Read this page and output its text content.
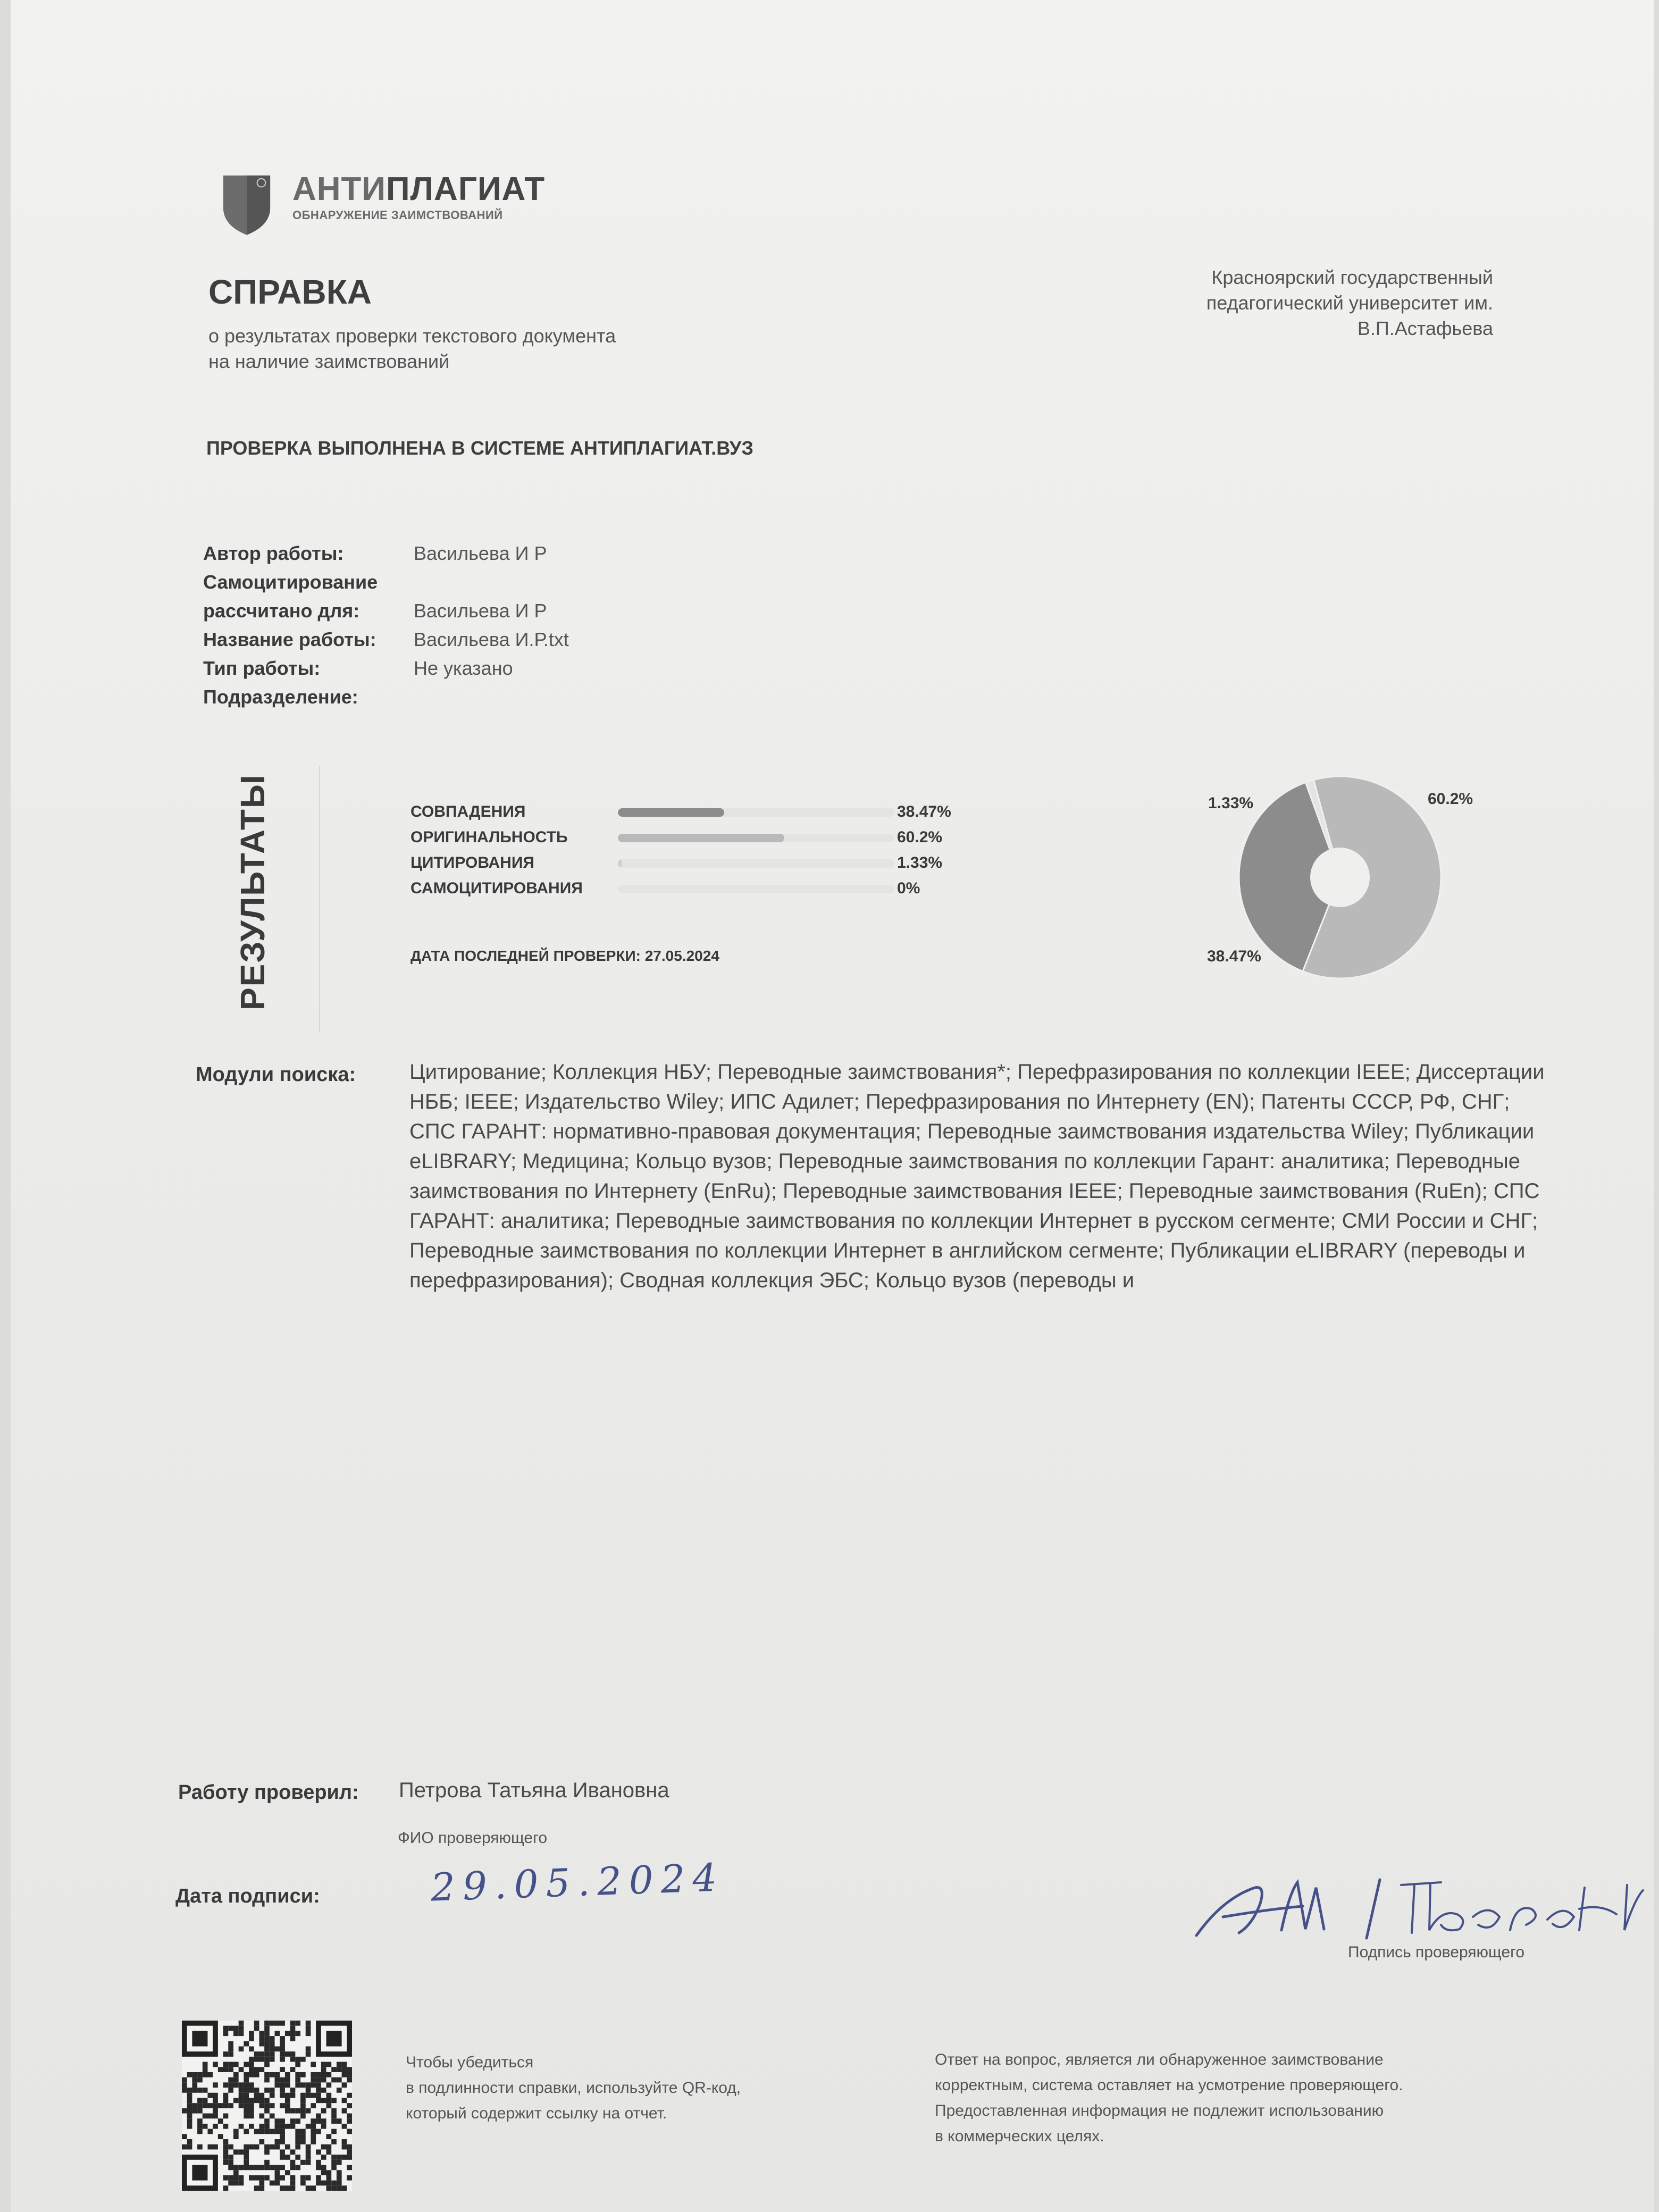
АНТИПЛАГИАТ
ОБНАРУЖЕНИЕ ЗАИМСТВОВАНИЙ
СПРАВКА
о результатах проверки текстового документа
на наличие заимствований
Красноярский государственный
педагогический университет им.
В.П.Астафьева
ПРОВЕРКА ВЫПОЛНЕНА В СИСТЕМЕ АНТИПЛАГИАТ.ВУЗ
Автор работы:	Васильева И Р
Самоцитирование
рассчитано для:	Васильева И Р
Название работы: Васильева И.Р.txt
Тип работы:	Не указано
Подразделение:
РЕЗУЛЬТАТЫ	СОВПАДЕНИЯ	38.47%
ОРИГИНАЛЬНОСТЬ	60.2%
ЦИТИРОВАНИЯ	1.33%
САМОЦИТИРОВАНИЯ	0%
ДАТА ПОСЛЕДНЕЙ ПРОВЕРКИ: 27.05.2024	38.47%
60.2%
1.33%
Модули поиска:	Цитирование; Коллекция НБУ; Переводные заимствования*; Перефразирования по коллекции IEEE; Диссертации НББ; IEEE; Издательство Wiley; ИПС Адилет; Перефразирования по Интернету (EN); Патенты СССР, РФ, СНГ; СПС ГАРАНТ: нормативно-правовая документация; Переводные заимствования издательства Wiley; Публикации eLIBRARY; Медицина; Кольцо вузов; Переводные заимствования по коллекции Гарант: аналитика; Переводные заимствования по Интернету (EnRu); Переводные заимствования IEEE; Переводные заимствования (RuEn); СПС ГАРАНТ: аналитика; Переводные заимствования по коллекции Интернет в русском сегменте; СМИ России и СНГ; Переводные заимствования по коллекции Интернет в английском сегменте; Публикации eLIBRARY (переводы и перефразирования); Сводная коллекция ЭБС; Кольцо вузов (переводы и
Работу проверил: Петрова Татьяна Ивановна
ФИО проверяющего
Дата подписи:	29.05.2024
Подпись проверяющего
Чтобы убедиться
в подлинности справки, используйте QR-код,
который содержит ссылку на отчет.
Ответ на вопрос, является ли обнаруженное заимствование
корректным, система оставляет на усмотрение проверяющего.
Предоставленная информация не подлежит использованию
в коммерческих целях.
